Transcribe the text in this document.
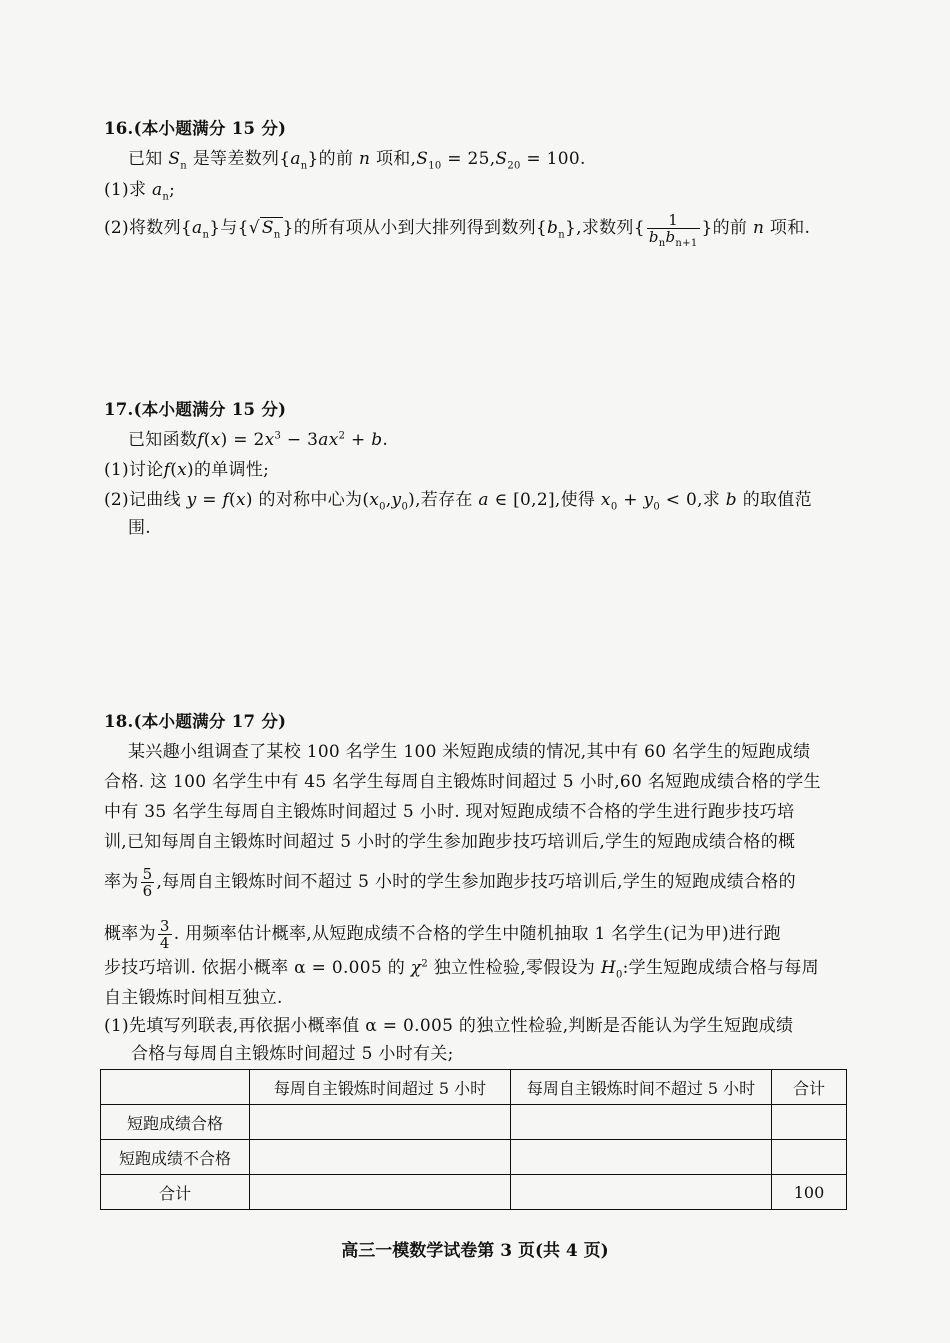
16.(本小题满分 15 分)
已知 $S_n$ 是等差数列$\{a_n\}$的前 n 项和$,S_{10} = 25,S_{20} = 100$.
(1)求 $a_n$;
(2)将数列$\{a_n\}$与{√ $S_n$ }的所有项从小到大排列得到数列$\{b_n\}$,求数列{ $\frac{1}{b_nb_{n+1}}$ }的前 n 项和.
17.(本小题满分 15 分)
已知函数$f(x) = 2x^3 - 3ax^2 + b$.
(1)讨论f(x)的单调性;
(2)记曲线 y = f(x) 的对称中心为$(x_0,y_0)$,若存在 a ∈ [0,2],使得 $x_0 + y_0 < 0$,求 b 的取值范
围.
18.(本小题满分 17 分)
某兴趣小组调查了某校 100 名学生 100 米短跑成绩的情况,其中有 60 名学生的短跑成绩
合格. 这 100 名学生中有 45 名学生每周自主锻炼时间超过 5 小时,60 名短跑成绩合格的学生
中有 35 名学生每周自主锻炼时间超过 5 小时. 现对短跑成绩不合格的学生进行跑步技巧培
训,已知每周自主锻炼时间超过 5 小时的学生参加跑步技巧培训后,学生的短跑成绩合格的概
率为 $\frac{5}{6}$ ,每周自主锻炼时间不超过 5 小时的学生参加跑步技巧培训后,学生的短跑成绩合格的
概率为 $\frac{3}{4}$ . 用频率估计概率,从短跑成绩不合格的学生中随机抽取 1 名学生(记为甲)进行跑
步技巧培训. 依据小概率 α = 0.005 的 $\chi^2$ 独立性检验,零假设为 $H_0$:学生短跑成绩合格与每周
自主锻炼时间相互独立.
(1)先填写列联表,再依据小概率值 α = 0.005 的独立性检验,判断是否能认为学生短跑成绩
合格与每周自主锻炼时间超过 5 小时有关;
	每周自主锻炼时间超过 5 小时	每周自主锻炼时间不超过 5 小时	合计
短跑成绩合格			
短跑成绩不合格			
合计			100
高三一模数学试卷第 3 页(共 4 页)
